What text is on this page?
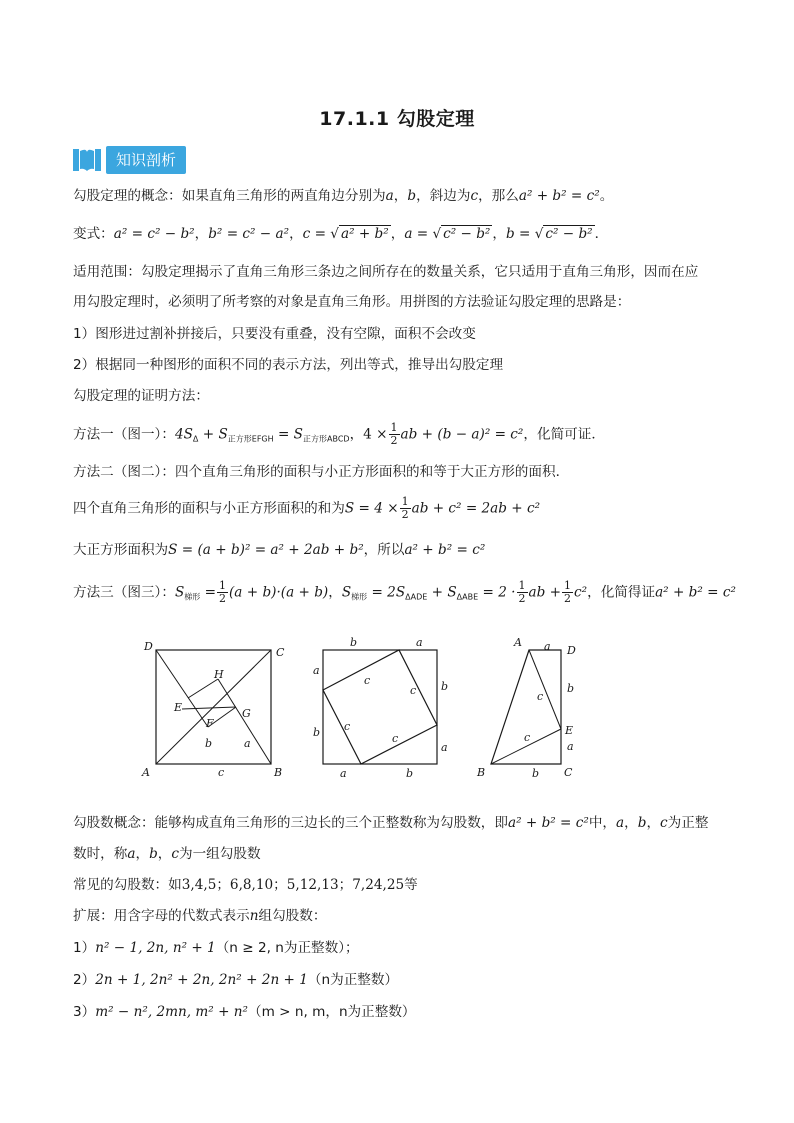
17.1.1 勾股定理
知识剖析
勾股定理的概念：如果直角三角形的两直角边分别为a，b，斜边为c，那么a² + b² = c²。
变式：a² = c² − b²，b² = c² − a²，c = √ a² + b² ，a = √ c² − b² ，b = √ c² − b² ．
适用范围：勾股定理揭示了直角三角形三条边之间所存在的数量关系，它只适用于直角三角形，因而在应
用勾股定理时，必须明了所考察的对象是直角三角形。用拼图的方法验证勾股定理的思路是：
1）图形进过割补拼接后，只要没有重叠，没有空隙，面积不会改变
2）根据同一种图形的面积不同的表示方法，列出等式，推导出勾股定理
勾股定理的证明方法：
方法一（图一）：$4S_\Delta + S_{正方形EFGH} = S_{正方形ABCD}$，$4 \times \frac{1}{2}$ ab + (b − a)² = c²，化简可证．
方法二（图二）：四个直角三角形的面积与小正方形面积的和等于大正方形的面积．
四个直角三角形的面积与小正方形面积的和为$S = 4 \times \frac{1}{2}$ ab + c² = 2ab + c²
大正方形面积为S = (a + b)² = a² + 2ab + b²，所以a² + b² = c²
方法三（图三）：$S_{梯形} = \frac{1}{2} (a + b)\cdot(a + b)$，$S_{梯形} = 2S_{\Delta ADE} + S_{\Delta ABE} = 2 \cdot \frac{1}{2}$ ab + $\frac{1}{2} c^2$，化简得证a² + b² = c²
D	C
A	B
H
E
F
G
b	a
c
b	a
a
b
b
a
a	b
c
c
c
c
A a D
b
c
E
c
a
B	b C
勾股数概念：能够构成直角三角形的三边长的三个正整数称为勾股数，即a² + b² = c²中，a，b，c为正整
数时，称a，b，c为一组勾股数
常见的勾股数：如3,4,5；6,8,10；5,12,13；7,24,25等
扩展：用含字母的代数式表示n组勾股数：
1）n² − 1, 2n, n² + 1（n ≥ 2, n为正整数）；
2）2n + 1, 2n² + 2n, 2n² + 2n + 1（n为正整数）
3）m² − n², 2mn, m² + n²（m > n, m，n为正整数）
